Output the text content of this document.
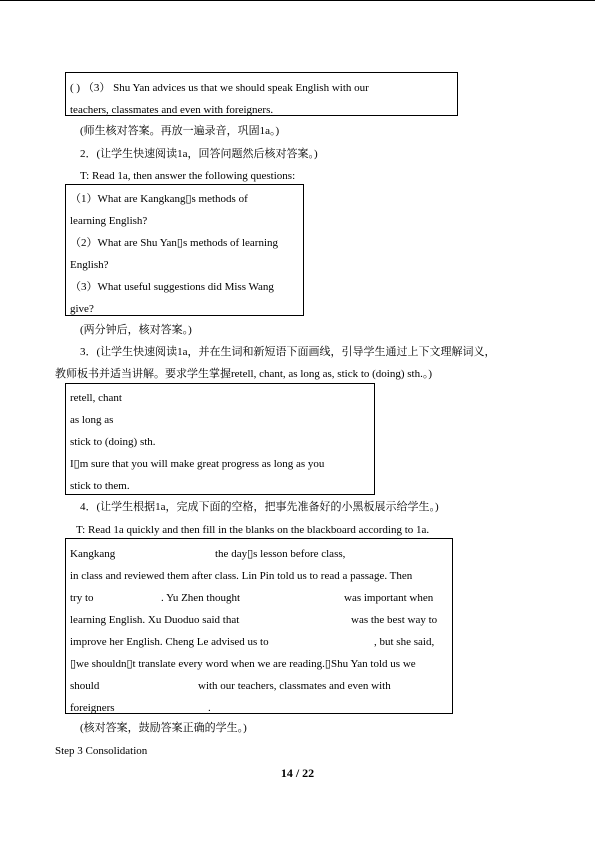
( ) （3） Shu Yan advices us that we should speak English with our
teachers, classmates and even with foreigners.
(师生核对答案。再放一遍录音，巩固1a。)
2．(让学生快速阅读1a，回答问题然后核对答案。)
T: Read 1a, then answer the following questions:
（1）What are Kangkang▯s methods of
learning English?
（2）What are Shu Yan▯s methods of learning
English?
（3）What useful suggestions did Miss Wang
give?
(两分钟后，核对答案。)
3．(让学生快速阅读1a，并在生词和新短语下面画线，引导学生通过上下文理解词义，
教师板书并适当讲解。要求学生掌握retell, chant, as long as, stick to (doing) sth.。)
retell, chant
as long as
stick to (doing) sth.
I▯m sure that you will make great progress as long as you
stick to them.
4．(让学生根据1a，完成下面的空格，把事先准备好的小黑板展示给学生。)
T: Read 1a quickly and then fill in the blanks on the blackboard according to 1a.
Kangkang	the day▯s lesson before class,
in class and reviewed them after class. Lin Pin told us to read a passage. Then
try to	. Yu Zhen thought	was important when
learning English. Xu Duoduo said that	was the best way to
improve her English. Cheng Le advised us to	, but she said,
▯we shouldn▯t translate every word when we are reading.▯Shu Yan told us we
should	with our teachers, classmates and even with
foreigners	.
(核对答案，鼓励答案正确的学生。)
Step 3 Consolidation
14 / 22
